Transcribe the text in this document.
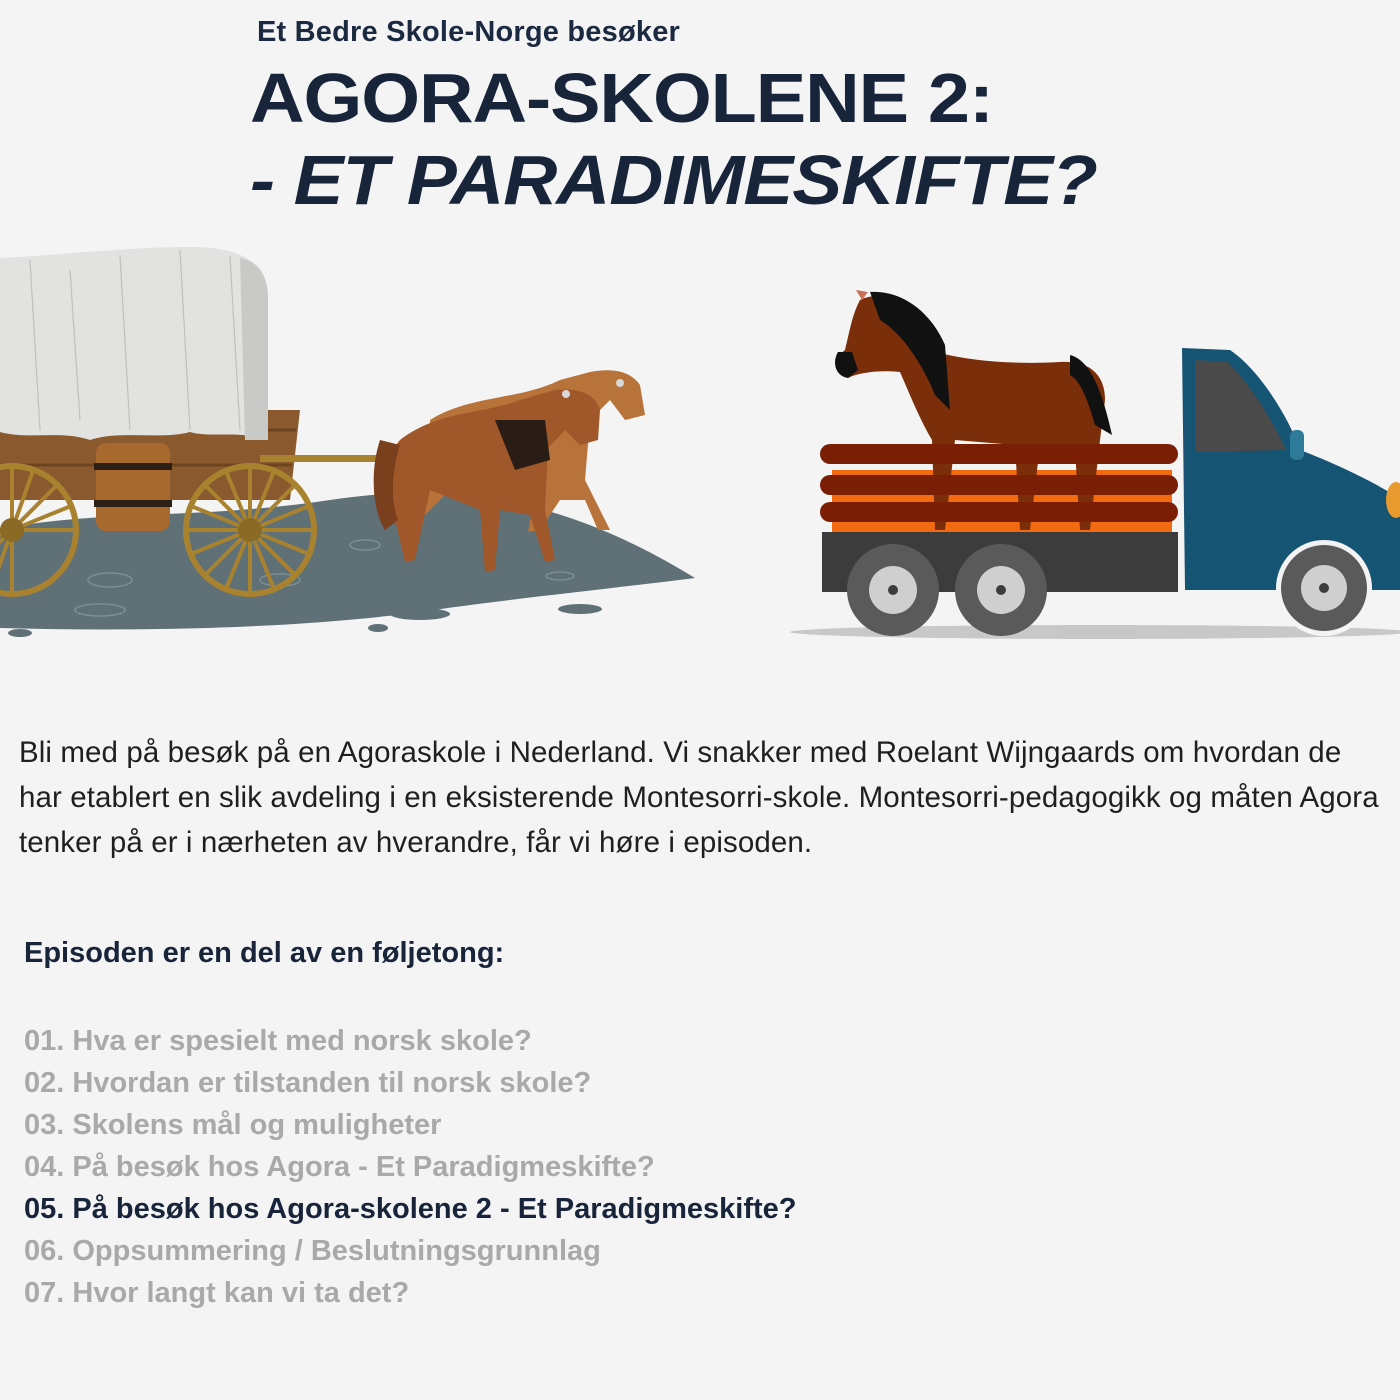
Et Bedre Skole-Norge besøker
AGORA-SKOLENE 2:
- ET PARADIMESKIFTE?

Bli med på besøk på en Agoraskole i Nederland. Vi snakker med Roelant Wijngaards om hvordan de har etablert en slik avdeling i en eksisterende Montesorri-skole. Montesorri-pedagogikk og måten Agora tenker på er i nærheten av hverandre, får vi høre i episoden.

Episoden er en del av en føljetong:
01. Hva er spesielt med norsk skole?
02. Hvordan er tilstanden til norsk skole?
03. Skolens mål og muligheter
04. På besøk hos Agora - Et Paradigmeskifte?
05. På besøk hos Agora-skolene 2 - Et Paradigmeskifte?
06. Oppsummering / Beslutningsgrunnlag
07. Hvor langt kan vi ta det?
